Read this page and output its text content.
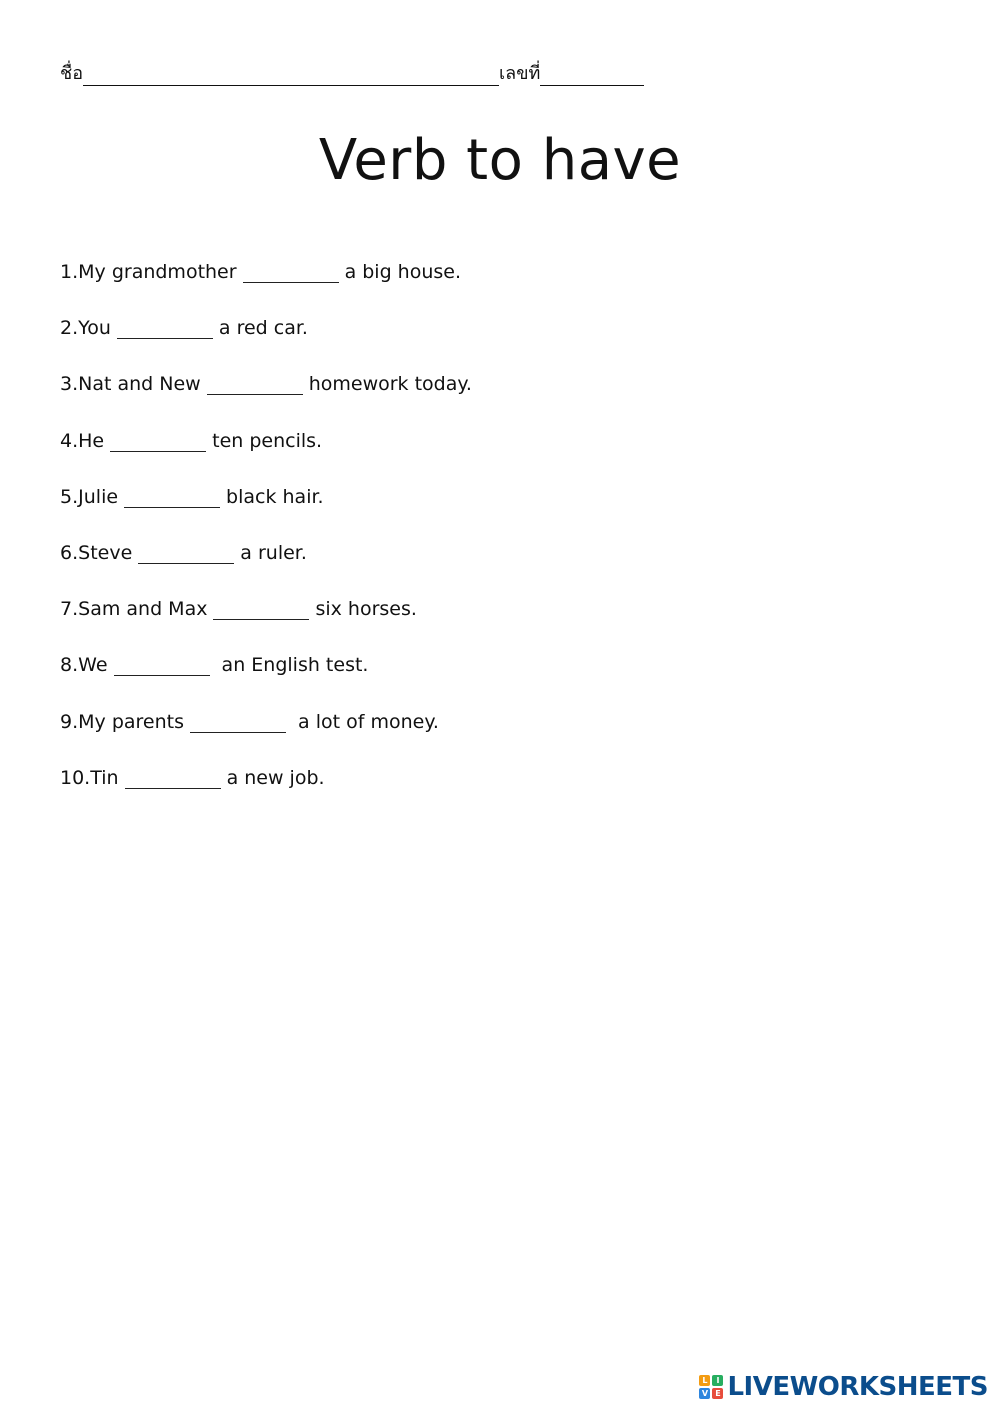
ชื่อ	เลขที่
Verb to have
1. My grandmother	a big house.
2. You	a red car.
3. Nat and New	homework today.
4. He	ten pencils.
5. Julie	black hair.
6. Steve	a ruler.
7. Sam and Max	six horses.
8. We	an English test.
9. My parents	a lot of money.
10. Tin	a new job.
L	I
V E LIVEWORKSHEETS
